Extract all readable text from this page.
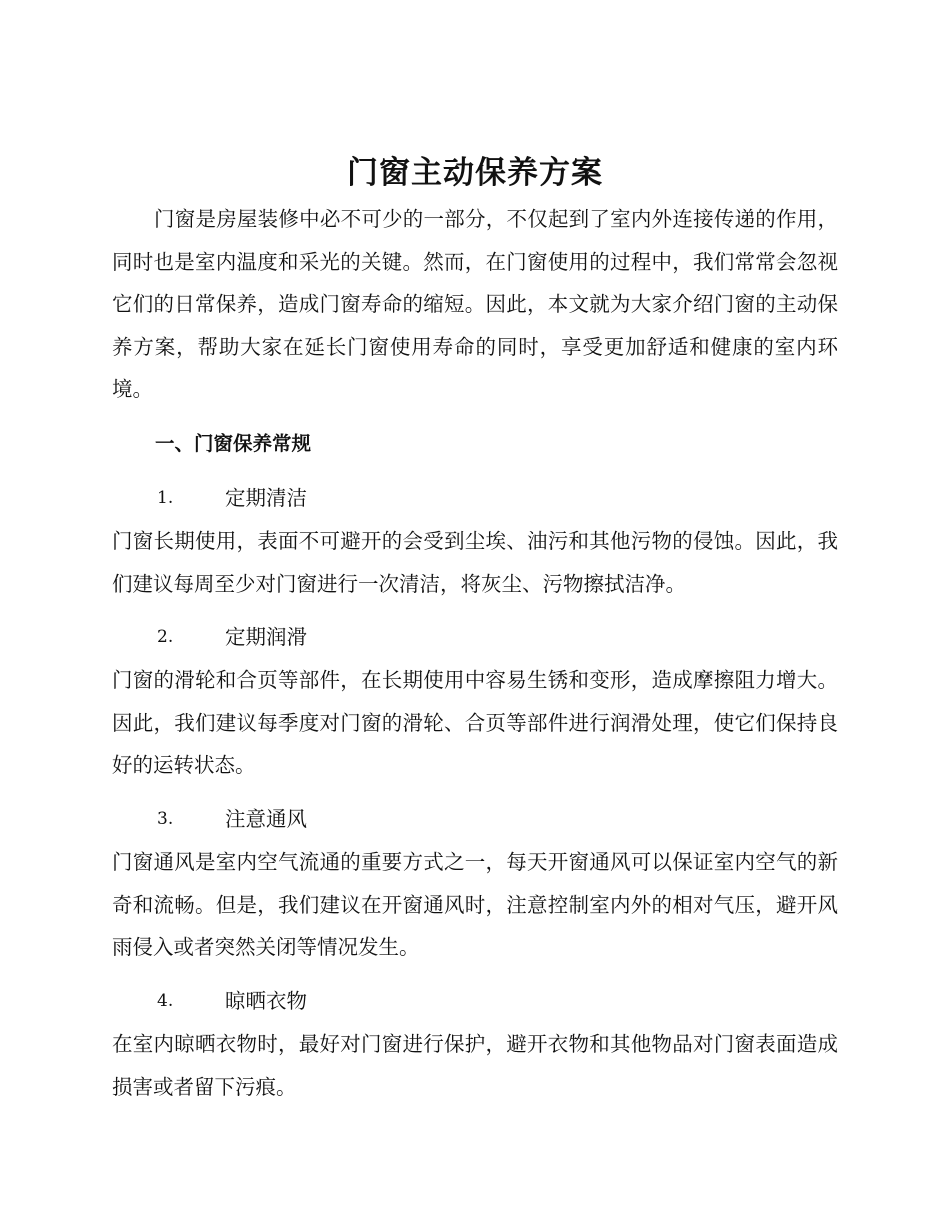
门窗主动保养方案

门窗是房屋装修中必不可少的一部分，不仅起到了室内外连接传递的作用，同时也是室内温度和采光的关键。然而，在门窗使用的过程中，我们常常会忽视它们的日常保养，造成门窗寿命的缩短。因此，本文就为大家介绍门窗的主动保养方案，帮助大家在延长门窗使用寿命的同时，享受更加舒适和健康的室内环境。

一、门窗保养常规
1.	定期清洁

门窗长期使用，表面不可避开的会受到尘埃、油污和其他污物的侵蚀。因此，我们建议每周至少对门窗进行一次清洁，将灰尘、污物擦拭洁净。

2.	定期润滑

门窗的滑轮和合页等部件，在长期使用中容易生锈和变形，造成摩擦阻力增大。因此，我们建议每季度对门窗的滑轮、合页等部件进行润滑处理，使它们保持良好的运转状态。

3.	注意通风

门窗通风是室内空气流通的重要方式之一，每天开窗通风可以保证室内空气的新奇和流畅。但是，我们建议在开窗通风时，注意控制室内外的相对气压，避开风雨侵入或者突然关闭等情况发生。

4.	晾晒衣物

在室内晾晒衣物时，最好对门窗进行保护，避开衣物和其他物品对门窗表面造成损害或者留下污痕。
